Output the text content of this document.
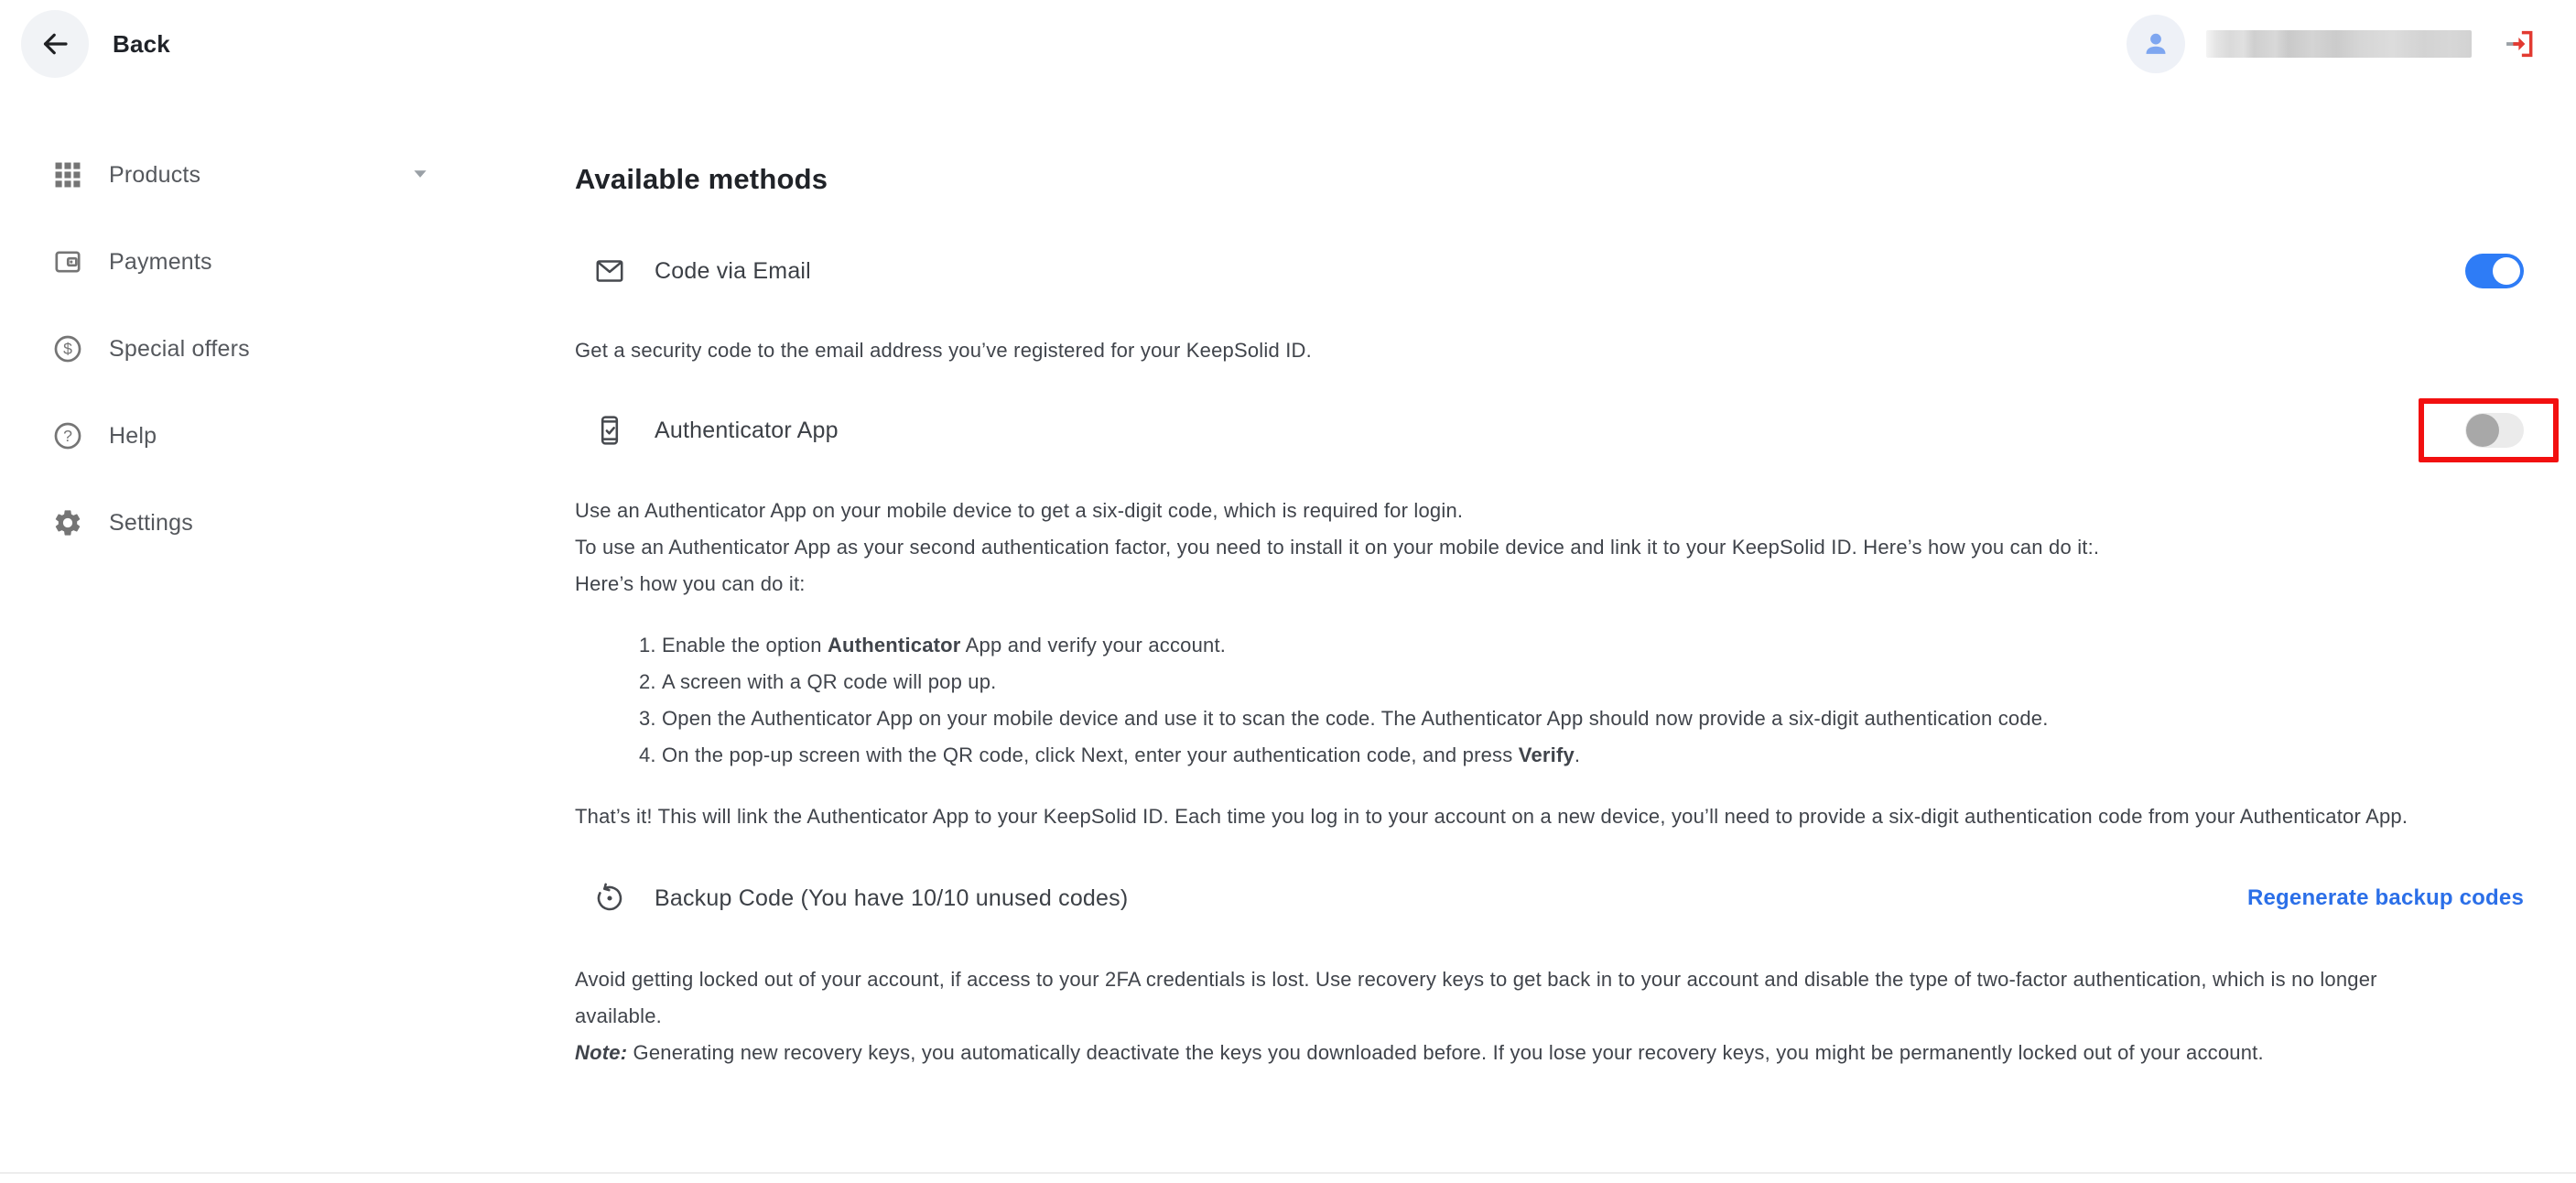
Back
Products
Payments
$ Special offers
? Help
Settings
Available methods
Code via Email

Get a security code to the email address you’ve registered for your KeepSolid ID.

Authenticator App
Use an Authenticator App on your mobile device to get a six-digit code, which is required for login.
To use an Authenticator App as your second authentication factor, you need to install it on your mobile device and link it to your KeepSolid ID. Here’s how you can do it:.
Here’s how you can do it:
1. Enable the option Authenticator App and verify your account.
2. A screen with a QR code will pop up.
3. Open the Authenticator App on your mobile device and use it to scan the code. The Authenticator App should now provide a six-digit authentication code.
4. On the pop-up screen with the QR code, click Next, enter your authentication code, and press Verify.

That’s it! This will link the Authenticator App to your KeepSolid ID. Each time you log in to your account on a new device, you’ll need to provide a six-digit authentication code from your Authenticator App.

Backup Code (You have 10/10 unused codes)	Regenerate backup codes

Avoid getting locked out of your account, if access to your 2FA credentials is lost. Use recovery keys to get back in to your account and disable the type of two-factor authentication, which is no longer available.

Note: Generating new recovery keys, you automatically deactivate the keys you downloaded before. If you lose your recovery keys, you might be permanently locked out of your account.
